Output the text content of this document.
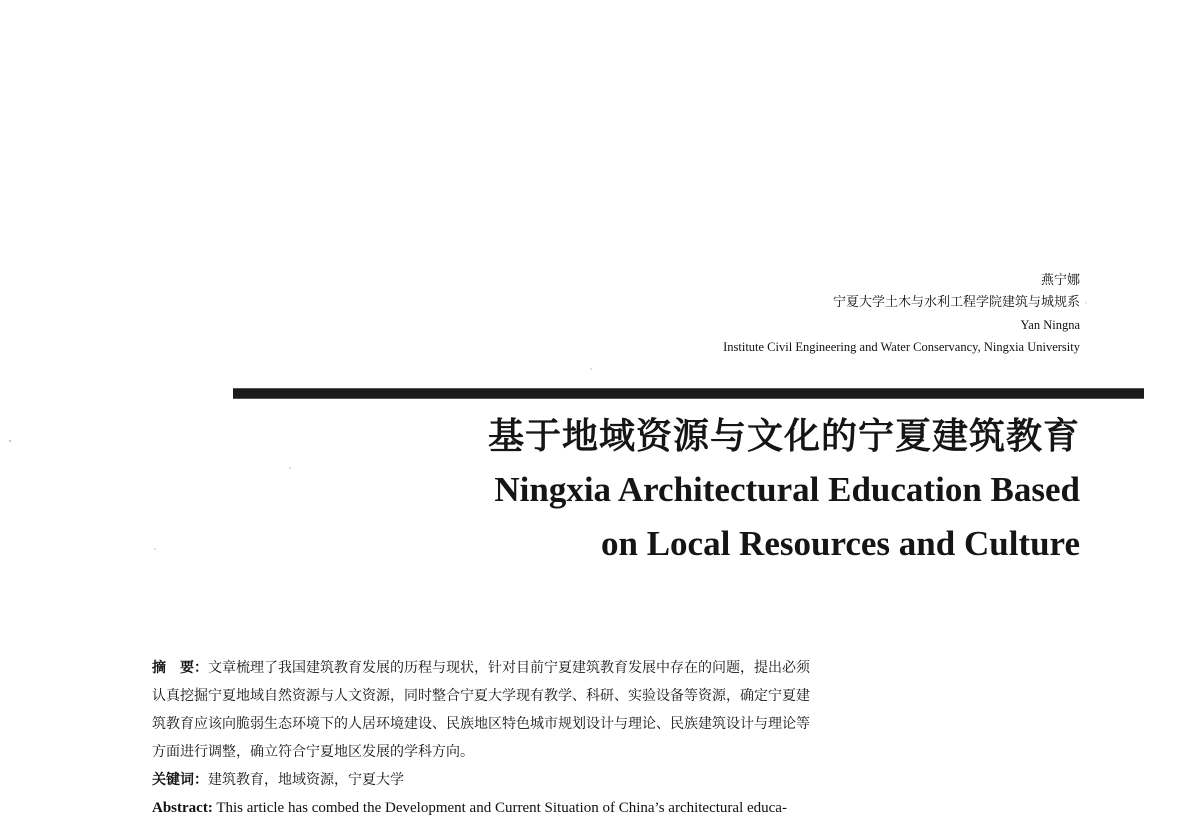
燕宁娜
宁夏大学土木与水利工程学院建筑与城规系
Yan Ningna
Institute Civil Engineering and Water Conservancy, Ningxia University
基于地域资源与文化的宁夏建筑教育
Ningxia Architectural Education Based
on Local Resources and Culture
摘　要：文章梳理了我国建筑教育发展的历程与现状，针对目前宁夏建筑教育发展中存在的问题，提出必须
认真挖掘宁夏地域自然资源与人文资源，同时整合宁夏大学现有教学、科研、实验设备等资源，确定宁夏建
筑教育应该向脆弱生态环境下的人居环境建设、民族地区特色城市规划设计与理论、民族建筑设计与理论等
方面进行调整，确立符合宁夏地区发展的学科方向。
关键词：建筑教育，地域资源，宁夏大学
Abstract: This article has combed the Development and Current Situation of China’s architectural educa-
